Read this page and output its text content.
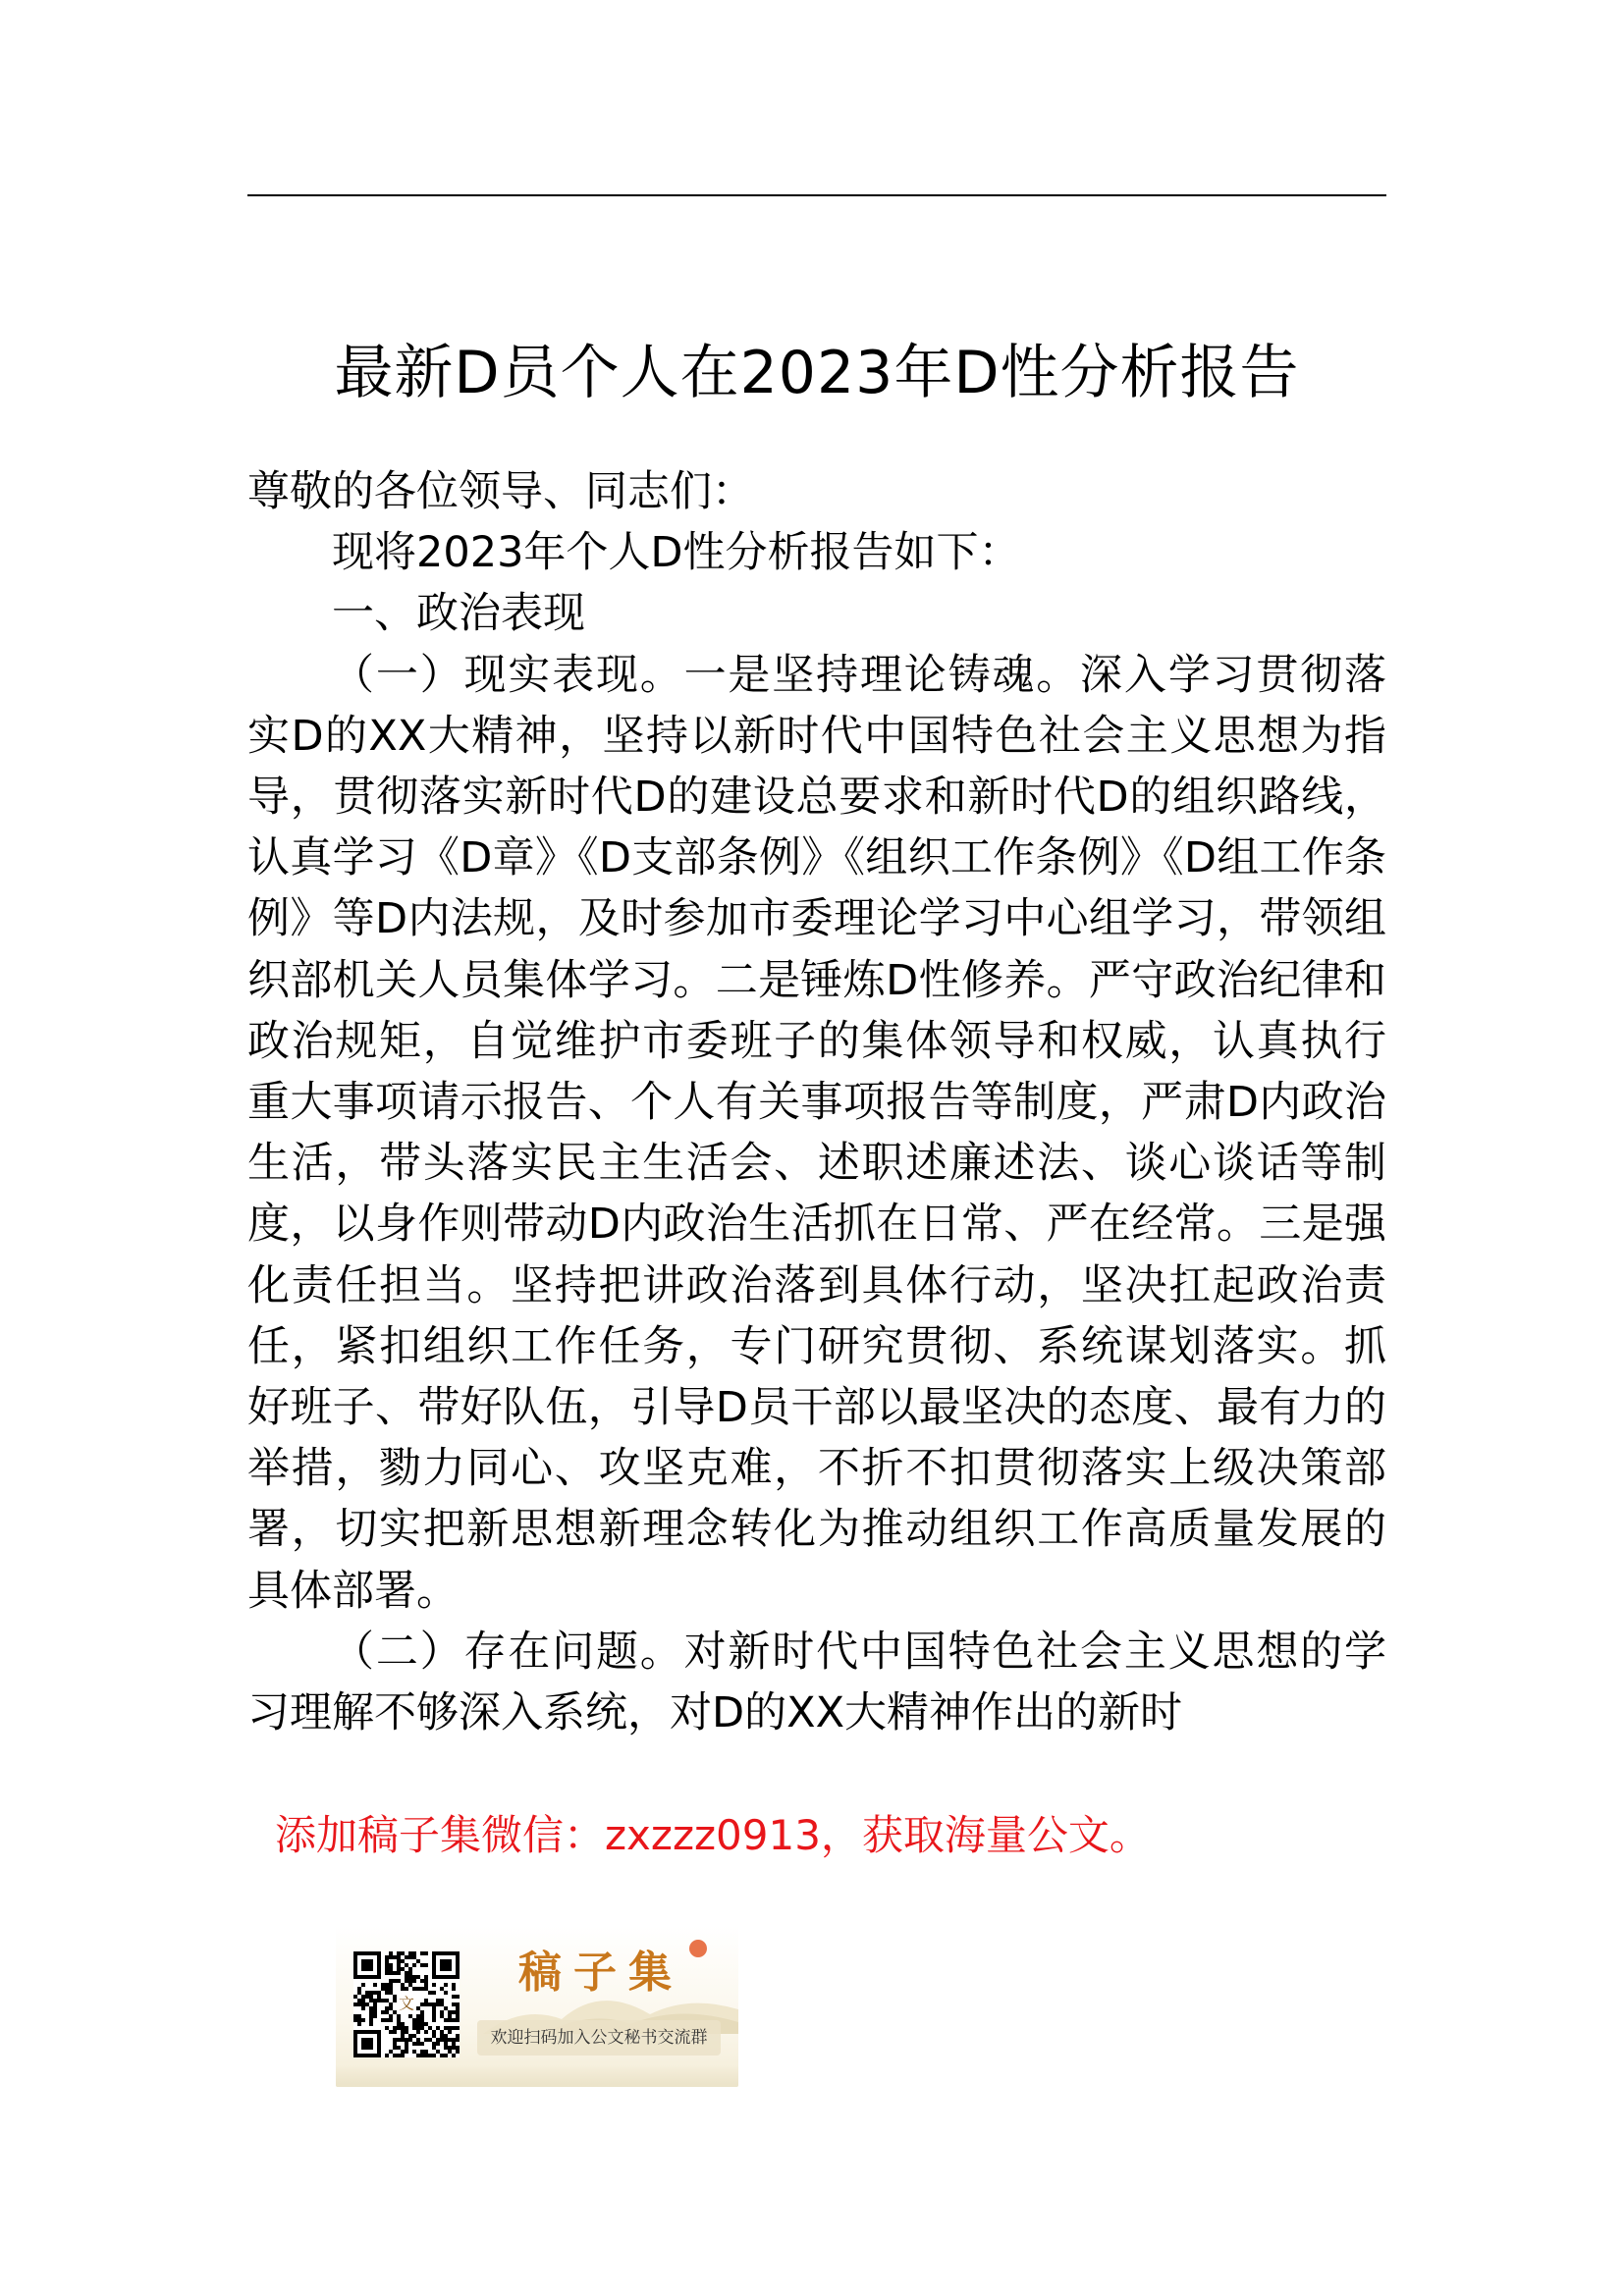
最新D员个人在2023年D性分析报告

尊敬的各位领导、同志们：

现将2023年个人D性分析报告如下：

一、政治表现

（一）现实表现。一是坚持理论铸魂。深入学习贯彻落实D的XX大精神，坚持以新时代中国特色社会主义思想为指导，贯彻落实新时代D的建设总要求和新时代D的组织路线，认真学习《D章》《D支部条例》《组织工作条例》《D组工作条例》等D内法规，及时参加市委理论学习中心组学习，带领组织部机关人员集体学习。二是锤炼D性修养。严守政治纪律和政治规矩，自觉维护市委班子的集体领导和权威，认真执行重大事项请示报告、个人有关事项报告等制度，严肃D内政治生活，带头落实民主生活会、述职述廉述法、谈心谈话等制度，以身作则带动D内政治生活抓在日常、严在经常。三是强化责任担当。坚持把讲政治落到具体行动，坚决扛起政治责任，紧扣组织工作任务，专门研究贯彻、系统谋划落实。抓好班子、带好队伍，引导D员干部以最坚决的态度、最有力的举措，勠力同心、攻坚克难，不折不扣贯彻落实上级决策部署，切实把新思想新理念转化为推动组织工作高质量发展的具体部署。

（二）存在问题。对新时代中国特色社会主义思想的学习理解不够深入系统，对D的XX大精神作出的新时

添加稿子集微信：zxzzz0913，获取海量公文。
文
稿子集
欢迎扫码加入公文秘书交流群
